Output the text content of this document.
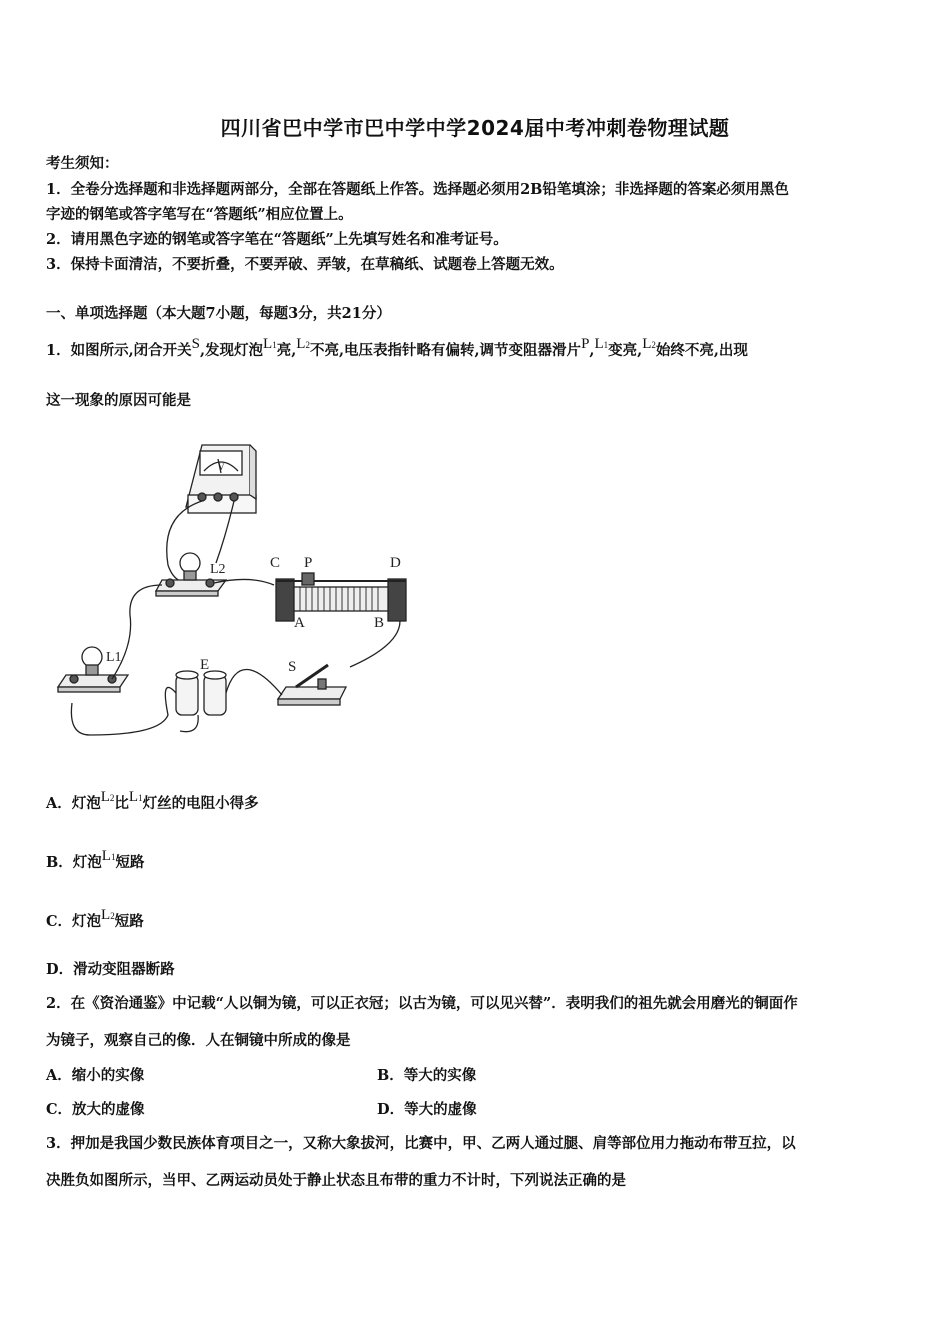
四川省巴中学市巴中学中学2024届中考冲刺卷物理试题
考生须知：
1．全卷分选择题和非选择题两部分，全部在答题纸上作答。选择题必须用2B铅笔填涂；非选择题的答案必须用黑色
字迹的钢笔或答字笔写在“答题纸”相应位置上。
2．请用黑色字迹的钢笔或答字笔在“答题纸”上先填写姓名和准考证号。
3．保持卡面清洁，不要折叠，不要弄破、弄皱，在草稿纸、试题卷上答题无效。
一、单项选择题（本大题7小题，每题3分，共21分）
1．如图所示,闭合开关S,发现灯泡L1亮,L2不亮,电压表指针略有偏转,调节变阻器滑片P,L1变亮,L2始终不亮,出现
这一现象的原因可能是
V
L2	C P	D
A	B
S
E
L1
A．灯泡L2比L1灯丝的电阻小得多
B．灯泡L1短路
C．灯泡L2短路
D．滑动变阻器断路
2．在《资治通鉴》中记载“人以铜为镜，可以正衣冠；以古为镜，可以见兴替”．表明我们的祖先就会用磨光的铜面作
为镜子，观察自己的像．人在铜镜中所成的像是
A．缩小的实像	B．等大的实像
C．放大的虚像	D．等大的虚像
3．押加是我国少数民族体育项目之一，又称大象拔河，比赛中，甲、乙两人通过腿、肩等部位用力拖动布带互拉，以
决胜负如图所示，当甲、乙两运动员处于静止状态且布带的重力不计时，下列说法正确的是
